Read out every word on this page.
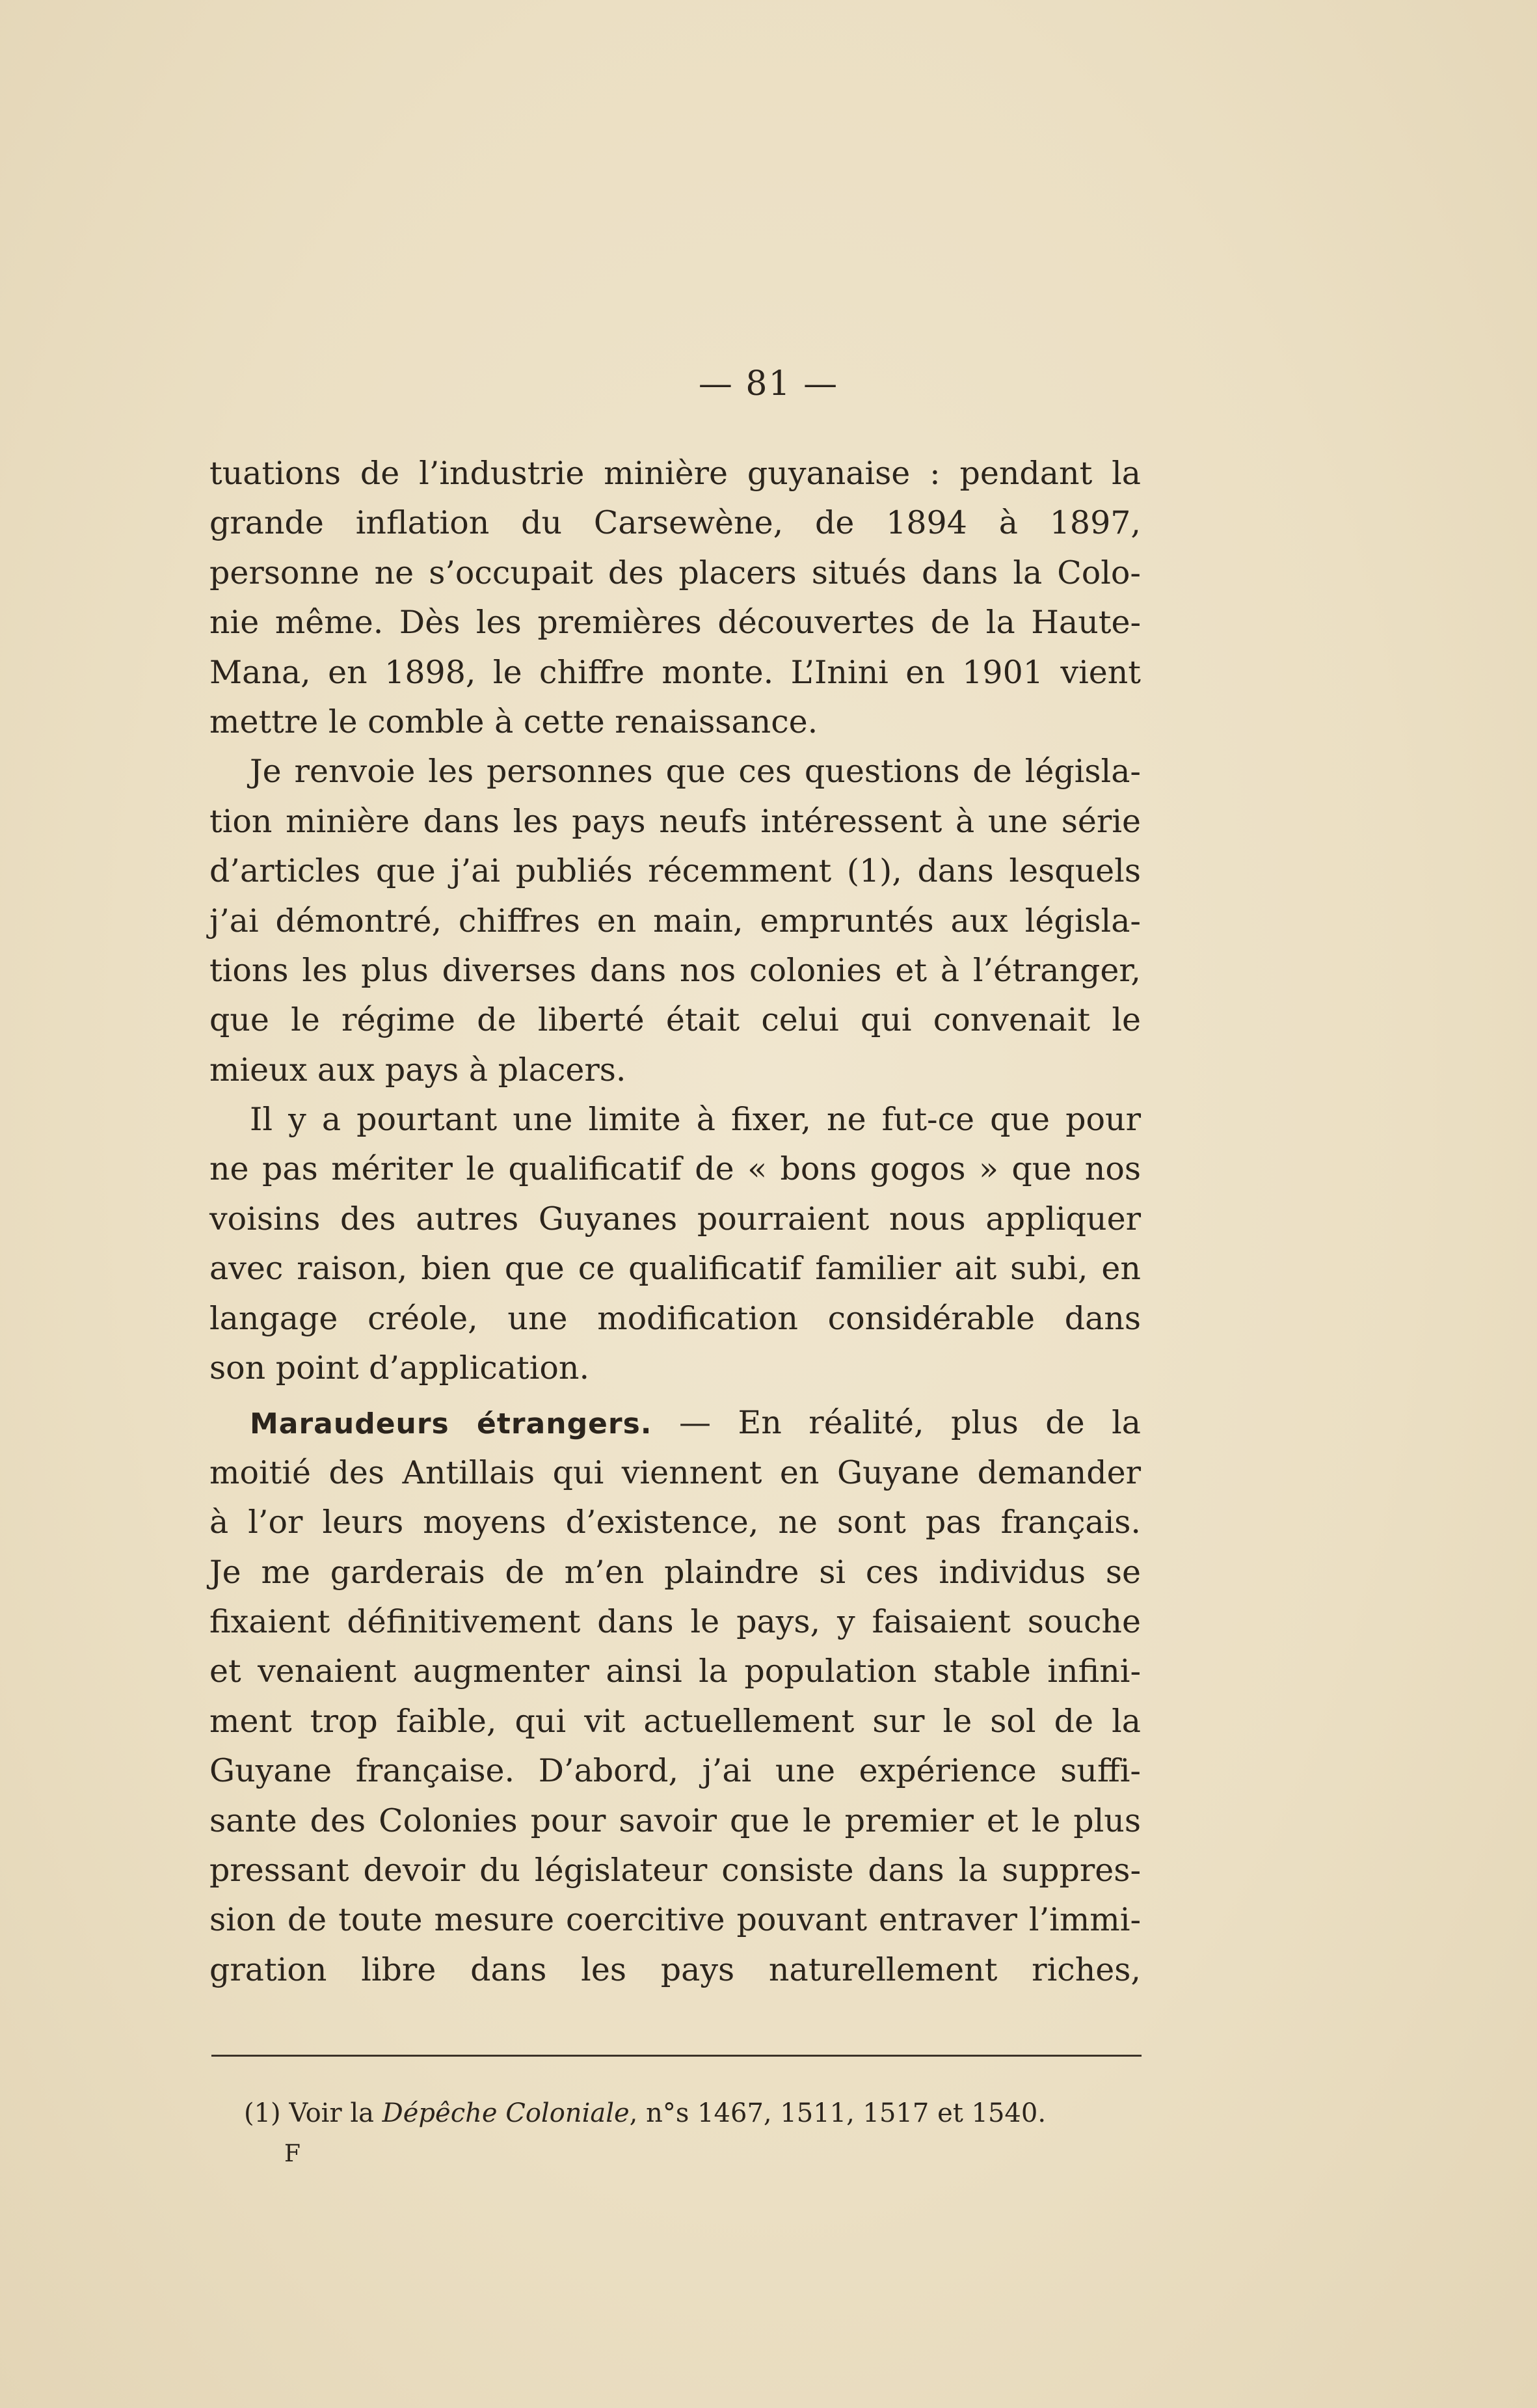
— 81 —
tuations de l’industrie minière guyanaise : pendant la
grande inflation du Carsewène, de 1894 à 1897,
personne ne s’occupait des placers situés dans la Colo-
nie même. Dès les premières découvertes de la Haute-
Mana, en 1898, le chiffre monte. L’Inini en 1901 vient
mettre le comble à cette renaissance.
Je renvoie les personnes que ces questions de législa-
tion minière dans les pays neufs intéressent à une série
d’articles que j’ai publiés récemment (1), dans lesquels
j’ai démontré, chiffres en main, empruntés aux législa-
tions les plus diverses dans nos colonies et à l’étranger,
que le régime de liberté était celui qui convenait le
mieux aux pays à placers.
Il y a pourtant une limite à fixer, ne fut-ce que pour
ne pas mériter le qualificatif de « bons gogos » que nos
voisins des autres Guyanes pourraient nous appliquer
avec raison, bien que ce qualificatif familier ait subi, en
langage créole, une modification considérable dans
son point d’application.
Maraudeurs étrangers. — En réalité, plus de la
moitié des Antillais qui viennent en Guyane demander
à l’or leurs moyens d’existence, ne sont pas français.
Je me garderais de m’en plaindre si ces individus se
fixaient définitivement dans le pays, y faisaient souche
et venaient augmenter ainsi la population stable infini-
ment trop faible, qui vit actuellement sur le sol de la
Guyane française. D’abord, j’ai une expérience suffi-
sante des Colonies pour savoir que le premier et le plus
pressant devoir du législateur consiste dans la suppres-
sion de toute mesure coercitive pouvant entraver l’immi-
gration libre dans les pays naturellement riches,
(1) Voir la Dépêche Coloniale, n°s 1467, 1511, 1517 et 1540.
F
